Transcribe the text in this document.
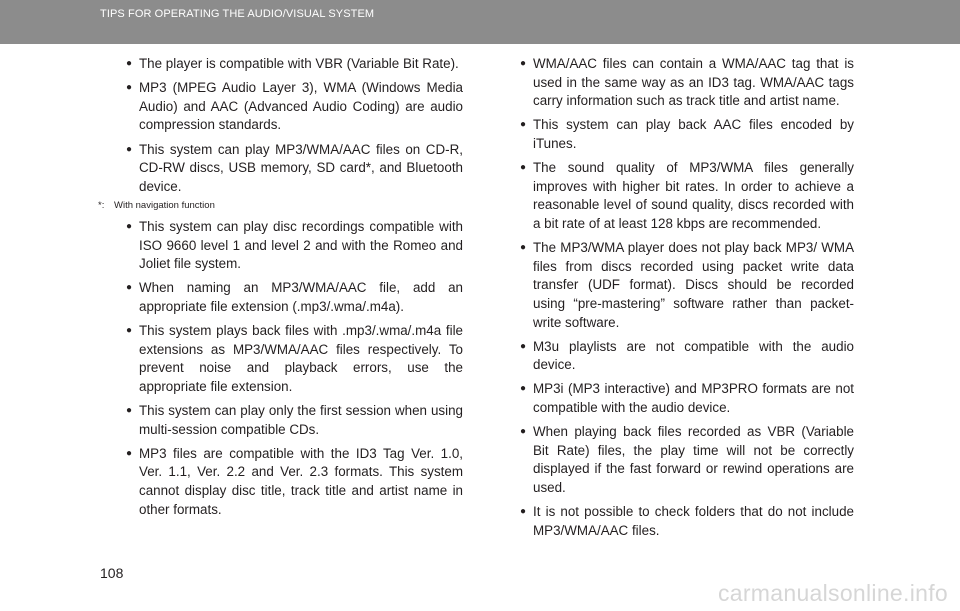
TIPS FOR OPERATING THE AUDIO/VISUAL SYSTEM
● The player is compatible with VBR (Variable Bit Rate).
● MP3 (MPEG Audio Layer 3), WMA (Windows Media Audio) and AAC (Advanced Audio Coding) are audio compression standards.
● This system can play MP3/WMA/AAC files on CD-R, CD-RW discs, USB memory, SD card*, and Bluetooth device.
*: With navigation function
● This system can play disc recordings compatible with ISO 9660 level 1 and level 2 and with the Romeo and Joliet file system.
● When naming an MP3/WMA/AAC file, add an appropriate file extension (.mp3/.wma/.m4a).
● This system plays back files with .mp3/.wma/.m4a file extensions as MP3/WMA/AAC files respectively. To prevent noise and playback errors, use the appropriate file extension.
● This system can play only the first session when using multi-session compatible CDs.
● MP3 files are compatible with the ID3 Tag Ver. 1.0, Ver. 1.1, Ver. 2.2 and Ver. 2.3 formats. This system cannot display disc title, track title and artist name in other formats.
● WMA/AAC files can contain a WMA/AAC tag that is used in the same way as an ID3 tag. WMA/AAC tags carry information such as track title and artist name.
● This system can play back AAC files encoded by iTunes.
● The sound quality of MP3/WMA files generally improves with higher bit rates. In order to achieve a reasonable level of sound quality, discs recorded with a bit rate of at least 128 kbps are recommended.
● The MP3/WMA player does not play back MP3/ WMA files from discs recorded using packet write data transfer (UDF format). Discs should be recorded using “pre-mastering” software rather than packet-write software.
● M3u playlists are not compatible with the audio device.
● MP3i (MP3 interactive) and MP3PRO formats are not compatible with the audio device.
● When playing back files recorded as VBR (Variable Bit Rate) files, the play time will not be correctly displayed if the fast forward or rewind operations are used.
● It is not possible to check folders that do not include MP3/WMA/AAC files.
108
carmanualsonline.info
